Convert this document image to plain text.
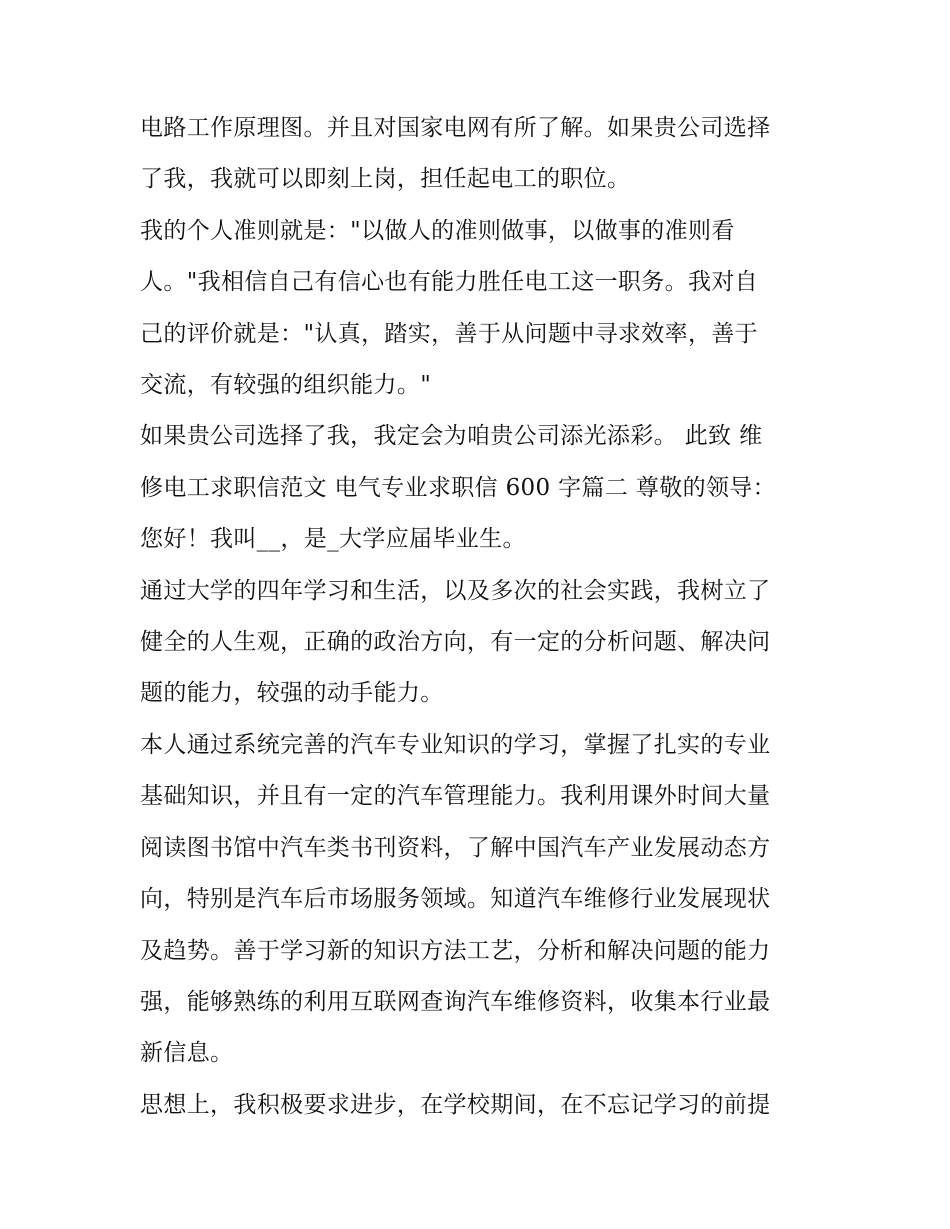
电路工作原理图。并且对国家电网有所了解。如果贵公司选择
了我，我就可以即刻上岗，担任起电工的职位。

我的个人准则就是："以做人的准则做事，以做事的准则看
人。"我相信自己有信心也有能力胜任电工这一职务。我对自
己的评价就是："认真，踏实，善于从问题中寻求效率，善于
交流，有较强的组织能力。"

如果贵公司选择了我，我定会为咱贵公司添光添彩。 此致 维
修电工求职信范文 电气专业求职信 600 字篇二 尊敬的领导：
您好！我叫__，是_大学应届毕业生。

通过大学的四年学习和生活，以及多次的社会实践，我树立了
健全的人生观，正确的政治方向，有一定的分析问题、解决问
题的能力，较强的动手能力。

本人通过系统完善的汽车专业知识的学习，掌握了扎实的专业
基础知识，并且有一定的汽车管理能力。我利用课外时间大量
阅读图书馆中汽车类书刊资料，了解中国汽车产业发展动态方
向，特别是汽车后市场服务领域。知道汽车维修行业发展现状
及趋势。善于学习新的知识方法工艺，分析和解决问题的能力
强，能够熟练的利用互联网查询汽车维修资料，收集本行业最
新信息。

思想上，我积极要求进步，在学校期间，在不忘记学习的前提
